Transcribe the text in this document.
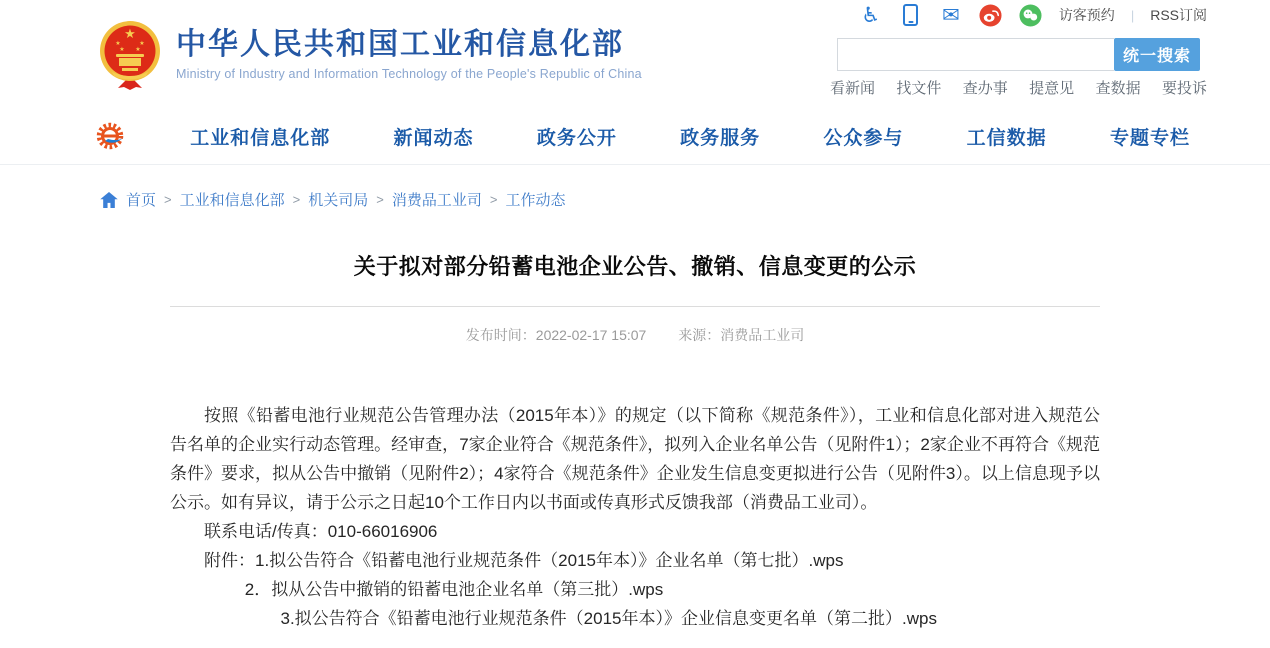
★
★	★
★ ★ 中华人民共和国工业和信息化部
Ministry of Industry and Information Technology of the People's Republic of China
♿	✉	访客预约 | RSS订阅
统一搜索
看新闻 找文件 查办事 提意见 查数据 要投诉
工业和信息化部	新闻动态	政务公开	政务服务	公众参与	工信数据	专题专栏
首页 > 工业和信息化部 > 机关司局 > 消费品工业司 > 工作动态
关于拟对部分铅蓄电池企业公告、撤销、信息变更的公示
发布时间：2022-02-17 15:07 来源：消费品工业司

按照《铅蓄电池行业规范公告管理办法（2015年本）》的规定（以下简称《规范条件》），工业和信息化部对进入规范公告名单的企业实行动态管理。经审查，7家企业符合《规范条件》，拟列入企业名单公告（见附件1）；2家企业不再符合《规范条件》要求，拟从公告中撤销（见附件2）；4家符合《规范条件》企业发生信息变更拟进行公告（见附件3）。以上信息现予以公示。如有异议，请于公示之日起10个工作日内以书面或传真形式反馈我部（消费品工业司）。

联系电话/传真：010-66016906
附件：1.拟公告符合《铅蓄电池行业规范条件（2015年本）》企业名单（第七批）.wps
2．拟从公告中撤销的铅蓄电池企业名单（第三批）.wps
3.拟公告符合《铅蓄电池行业规范条件（2015年本）》企业信息变更名单（第二批）.wps
